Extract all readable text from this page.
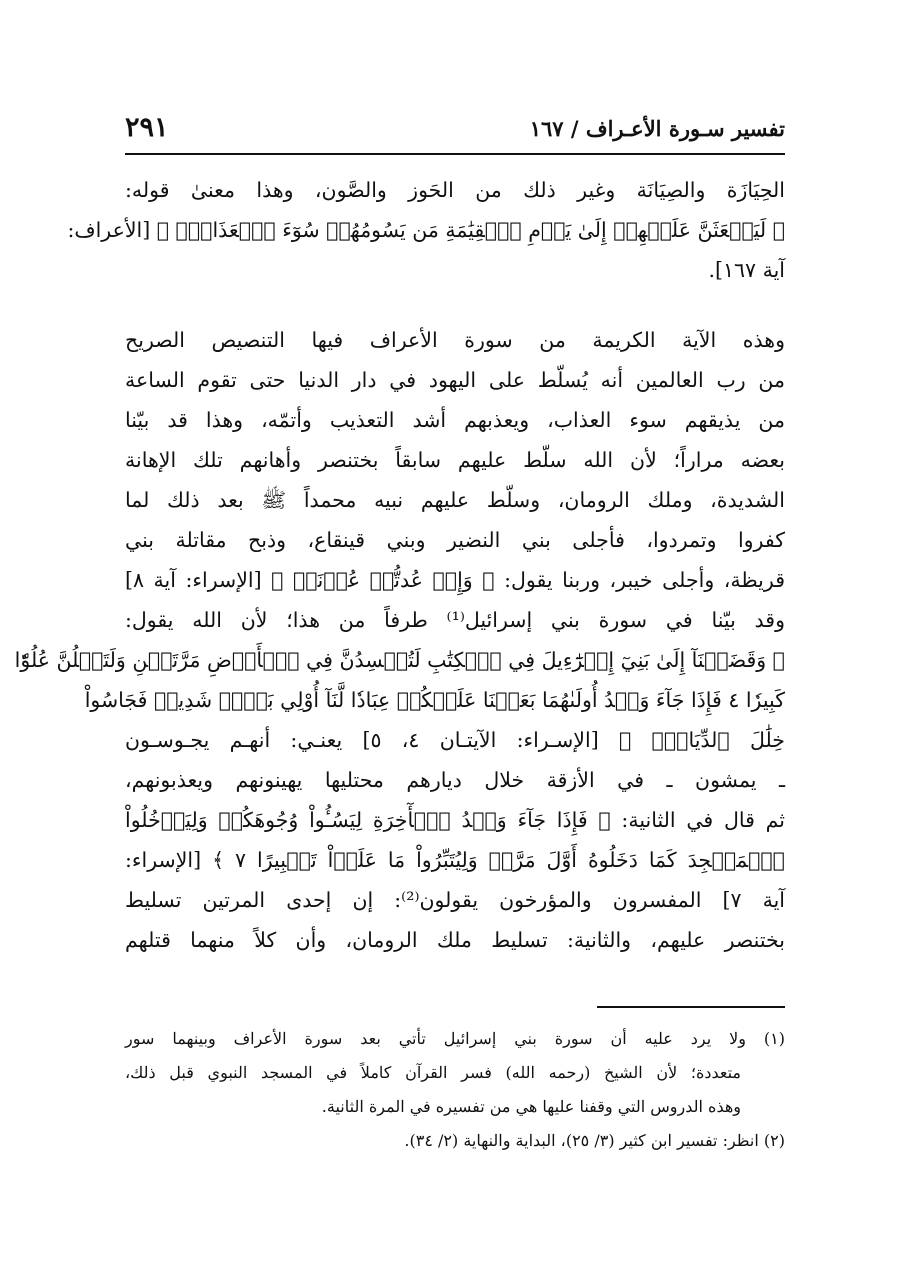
٢٩١	تفسير سـورة الأعـراف / ١٦٧
الحِيَازَة والصِيَانَة وغير ذلك من الحَوز والصَّون، وهذا معنىٰ قوله:
﴿ لَيَبۡعَثَنَّ عَلَيۡهِمۡ إِلَىٰ يَوۡمِ ٱلۡقِيَٰمَةِ مَن يَسُومُهُمۡ سُوٓءَ ٱلۡعَذَابِۗ ﴾ [الأعراف:
آية ١٦٧].
وهذه الآية الكريمة من سورة الأعراف فيها التنصيص الصريح
من رب العالمين أنه يُسلّط على اليهود في دار الدنيا حتى تقوم الساعة
من يذيقهم سوء العذاب، ويعذبهم أشد التعذيب وأتمّه، وهذا قد بيّنا
بعضه مراراً؛ لأن الله سلّط عليهم سابقاً بختنصر وأهانهم تلك الإهانة
الشديدة، وملك الرومان، وسلّط عليهم نبيه محمداً ﷺ بعد ذلك لما
كفروا وتمردوا، فأجلى بني النضير وبني قينقاع، وذبح مقاتلة بني
قريظة، وأجلى خيبر، وربنا يقول: ﴿ وَإِنۡ عُدتُّمۡ عُدۡنَاۚ ﴾ [الإسراء: آية ٨]
وقد بيّنا في سورة بني إسرائيل⁽¹⁾ طرفاً من هذا؛ لأن الله يقول:
﴿ وَقَضَيۡنَآ إِلَىٰ بَنِيٓ إِسۡرَٰٓءِيلَ فِي ٱلۡكِتَٰبِ لَتُفۡسِدُنَّ فِي ٱلۡأَرۡضِ مَرَّتَيۡنِ وَلَتَعۡلُنَّ عُلُوّٗا
كَبِيرٗا ٤ فَإِذَا جَآءَ وَعۡدُ أُولَىٰهُمَا بَعَثۡنَا عَلَيۡكُمۡ عِبَادٗا لَّنَآ أُوْلِي بَأۡسٖ شَدِيدٖ فَجَاسُواْ
خِلَٰلَ ٱلدِّيَارِۚ ﴾ [الإسـراء: الآيتـان ٤، ٥] يعنـي: أنهـم يجـوسـون
ـ يمشون ـ في الأزقة خلال ديارهم محتليها يهينونهم ويعذبونهم،
ثم قال في الثانية: ﴿ فَإِذَا جَآءَ وَعۡدُ ٱلۡأٓخِرَةِ لِيَسُـُٔواْ وُجُوهَكُمۡ وَلِيَدۡخُلُواْ
ٱلۡمَسۡجِدَ كَمَا دَخَلُوهُ أَوَّلَ مَرَّةٖ وَلِيُتَبِّرُواْ مَا عَلَوۡاْ تَتۡبِيرًا ٧ ﴾ [الإسراء:
آية ٧] المفسرون والمؤرخون يقولون⁽²⁾: إن إحدى المرتين تسليط
بختنصر عليهم، والثانية: تسليط ملك الرومان، وأن كلاً منهما قتلهم
(١) ولا يرد عليه أن سورة بني إسرائيل تأتي بعد سورة الأعراف وبينهما سور
متعددة؛ لأن الشيخ (رحمه الله) فسر القرآن كاملاً في المسجد النبوي قبل ذلك،
وهذه الدروس التي وقفنا عليها هي من تفسيره في المرة الثانية.
(٢) انظر: تفسير ابن كثير (٣/ ٢٥)، البداية والنهاية (٢/ ٣٤).
